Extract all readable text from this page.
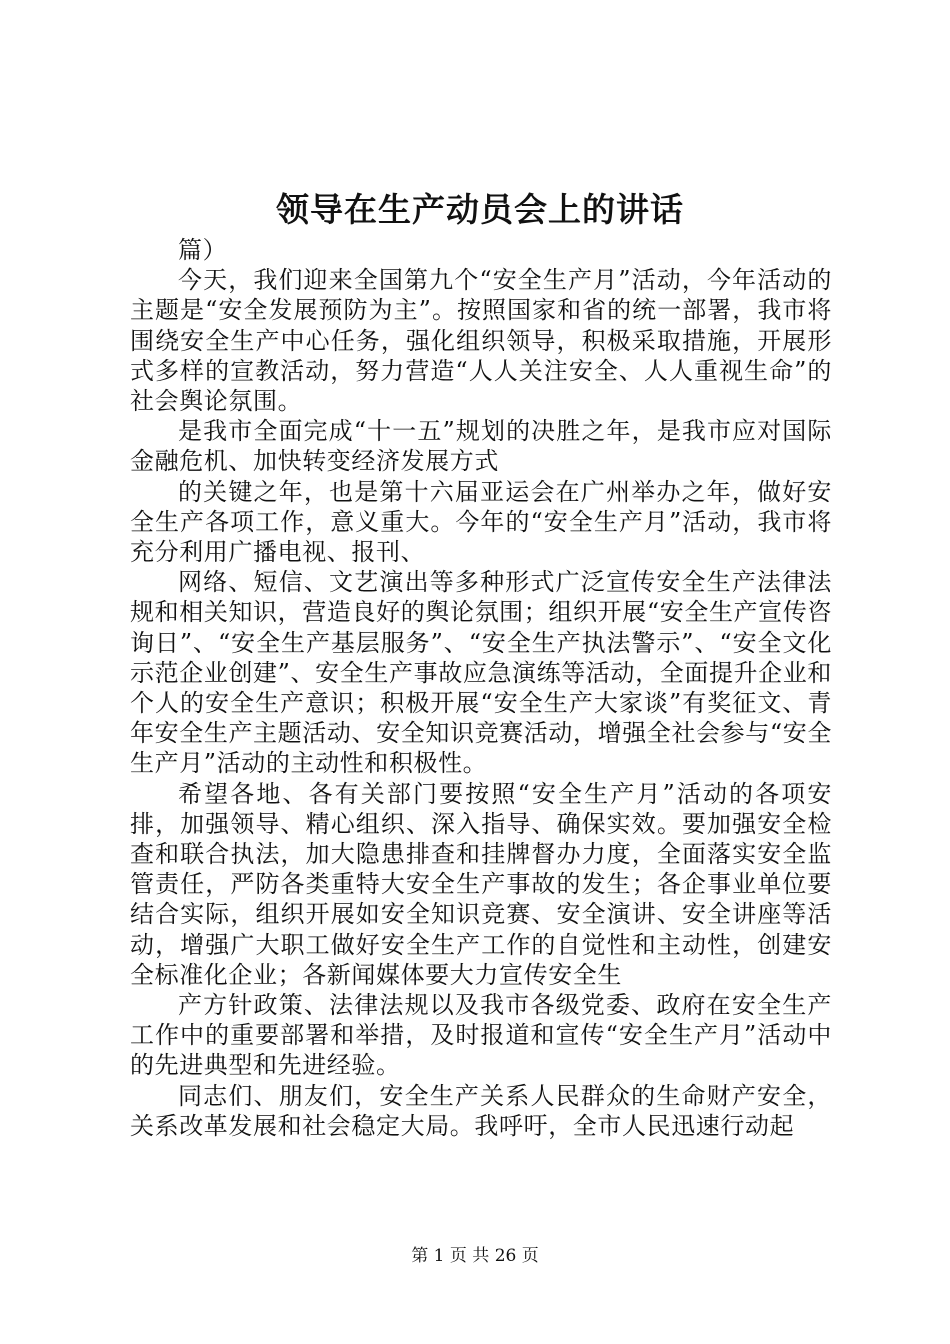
领导在生产动员会上的讲话

篇）

今天，我们迎来全国第九个“安全生产月”活动，今年活动的主题是“安全发展预防为主”。按照国家和省的统一部署，我市将围绕安全生产中心任务，强化组织领导，积极采取措施，开展形式多样的宣教活动，努力营造“人人关注安全、人人重视生命”的社会舆论氛围。

是我市全面完成“十一五”规划的决胜之年，是我市应对国际金融危机、加快转变经济发展方式

的关键之年，也是第十六届亚运会在广州举办之年，做好安全生产各项工作，意义重大。今年的“安全生产月”活动，我市将充分利用广播电视、报刊、

网络、短信、文艺演出等多种形式广泛宣传安全生产法律法规和相关知识，营造良好的舆论氛围；组织开展“安全生产宣传咨询日”、“安全生产基层服务”、“安全生产执法警示”、“安全文化示范企业创建”、安全生产事故应急演练等活动，全面提升企业和个人的安全生产意识；积极开展“安全生产大家谈”有奖征文、青年安全生产主题活动、安全知识竞赛活动，增强全社会参与“安全生产月”活动的主动性和积极性。

希望各地、各有关部门要按照“安全生产月”活动的各项安排，加强领导、精心组织、深入指导、确保实效。要加强安全检查和联合执法，加大隐患排查和挂牌督办力度，全面落实安全监管责任，严防各类重特大安全生产事故的发生；各企事业单位要结合实际，组织开展如安全知识竞赛、安全演讲、安全讲座等活动，增强广大职工做好安全生产工作的自觉性和主动性，创建安全标准化企业；各新闻媒体要大力宣传安全生

产方针政策、法律法规以及我市各级党委、政府在安全生产工作中的重要部署和举措，及时报道和宣传“安全生产月”活动中的先进典型和先进经验。

同志们、朋友们，安全生产关系人民群众的生命财产安全，关系改革发展和社会稳定大局。我呼吁，全市人民迅速行动起

第 1 页 共 26 页
